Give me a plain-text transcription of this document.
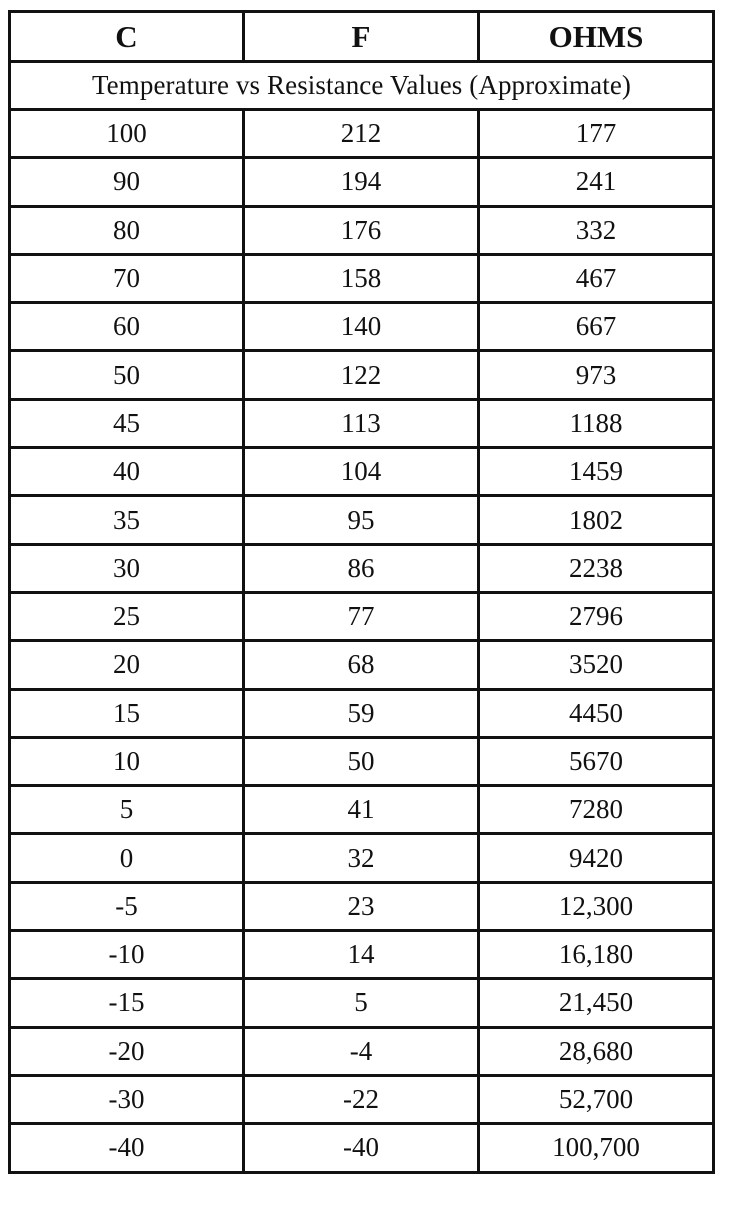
C	F	OHMS
Temperature vs Resistance Values (Approximate)		
100	212	177
90	194	241
80	176	332
70	158	467
60	140	667
50	122	973
45	113	1188
40	104	1459
35	95	1802
30	86	2238
25	77	2796
20	68	3520
15	59	4450
10	50	5670
5	41	7280
0	32	9420
-5	23	12,300
-10	14	16,180
-15	5	21,450
-20	-4	28,680
-30	-22	52,700
-40	-40	100,700
